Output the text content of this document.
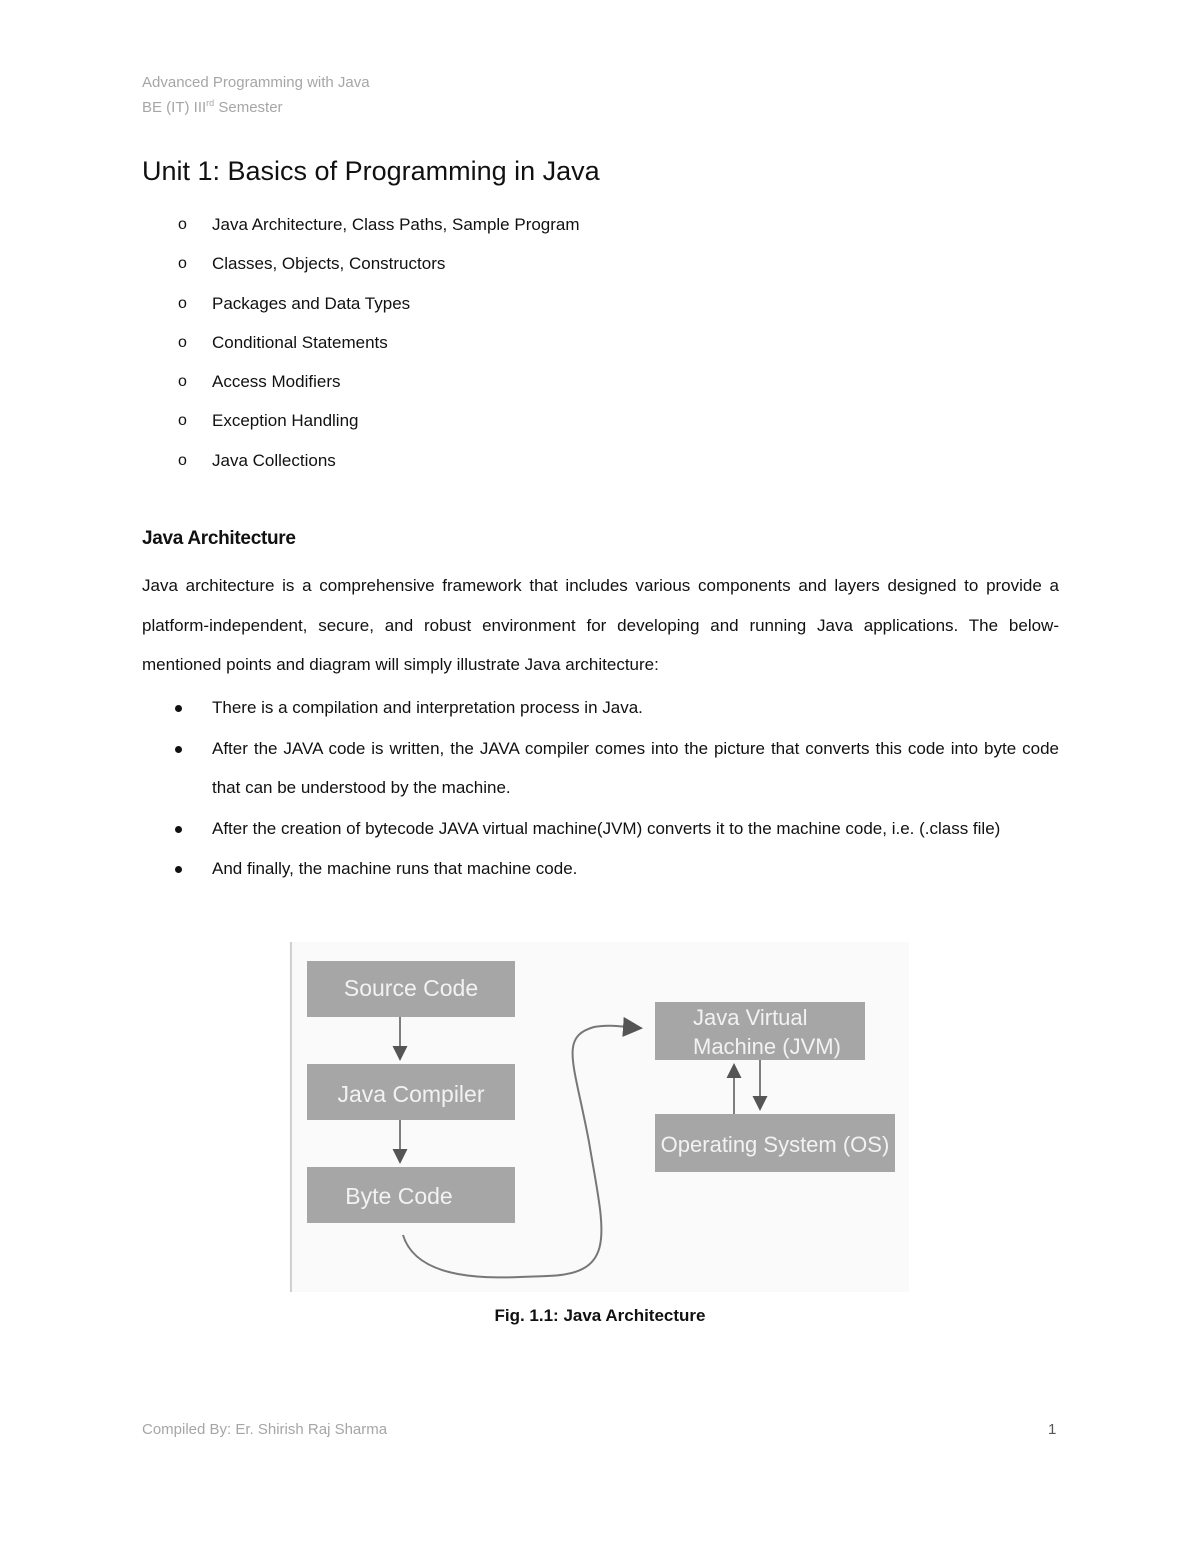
Advanced Programming with Java
BE (IT) IIIrd Semester
Unit 1: Basics of Programming in Java
o Java Architecture, Class Paths, Sample Program
o Classes, Objects, Constructors
o Packages and Data Types
o Conditional Statements
o Access Modifiers
o Exception Handling
o Java Collections
Java Architecture

Java architecture is a comprehensive framework that includes various components and layers designed to provide a platform-independent, secure, and robust environment for developing and running Java applications. The below-mentioned points and diagram will simply illustrate Java architecture:

There is a compilation and interpretation process in Java.
After the JAVA code is written, the JAVA compiler comes into the picture that converts this code into byte code that can be understood by the machine.
After the creation of bytecode JAVA virtual machine(JVM) converts it to the machine code, i.e. (.class file)
And finally, the machine runs that machine code.
Source Code
Java Compiler
Byte Code
Java Virtual
Machine (JVM)
Operating System (OS)
Fig. 1.1: Java Architecture
Compiled By: Er. Shirish Raj Sharma	1
